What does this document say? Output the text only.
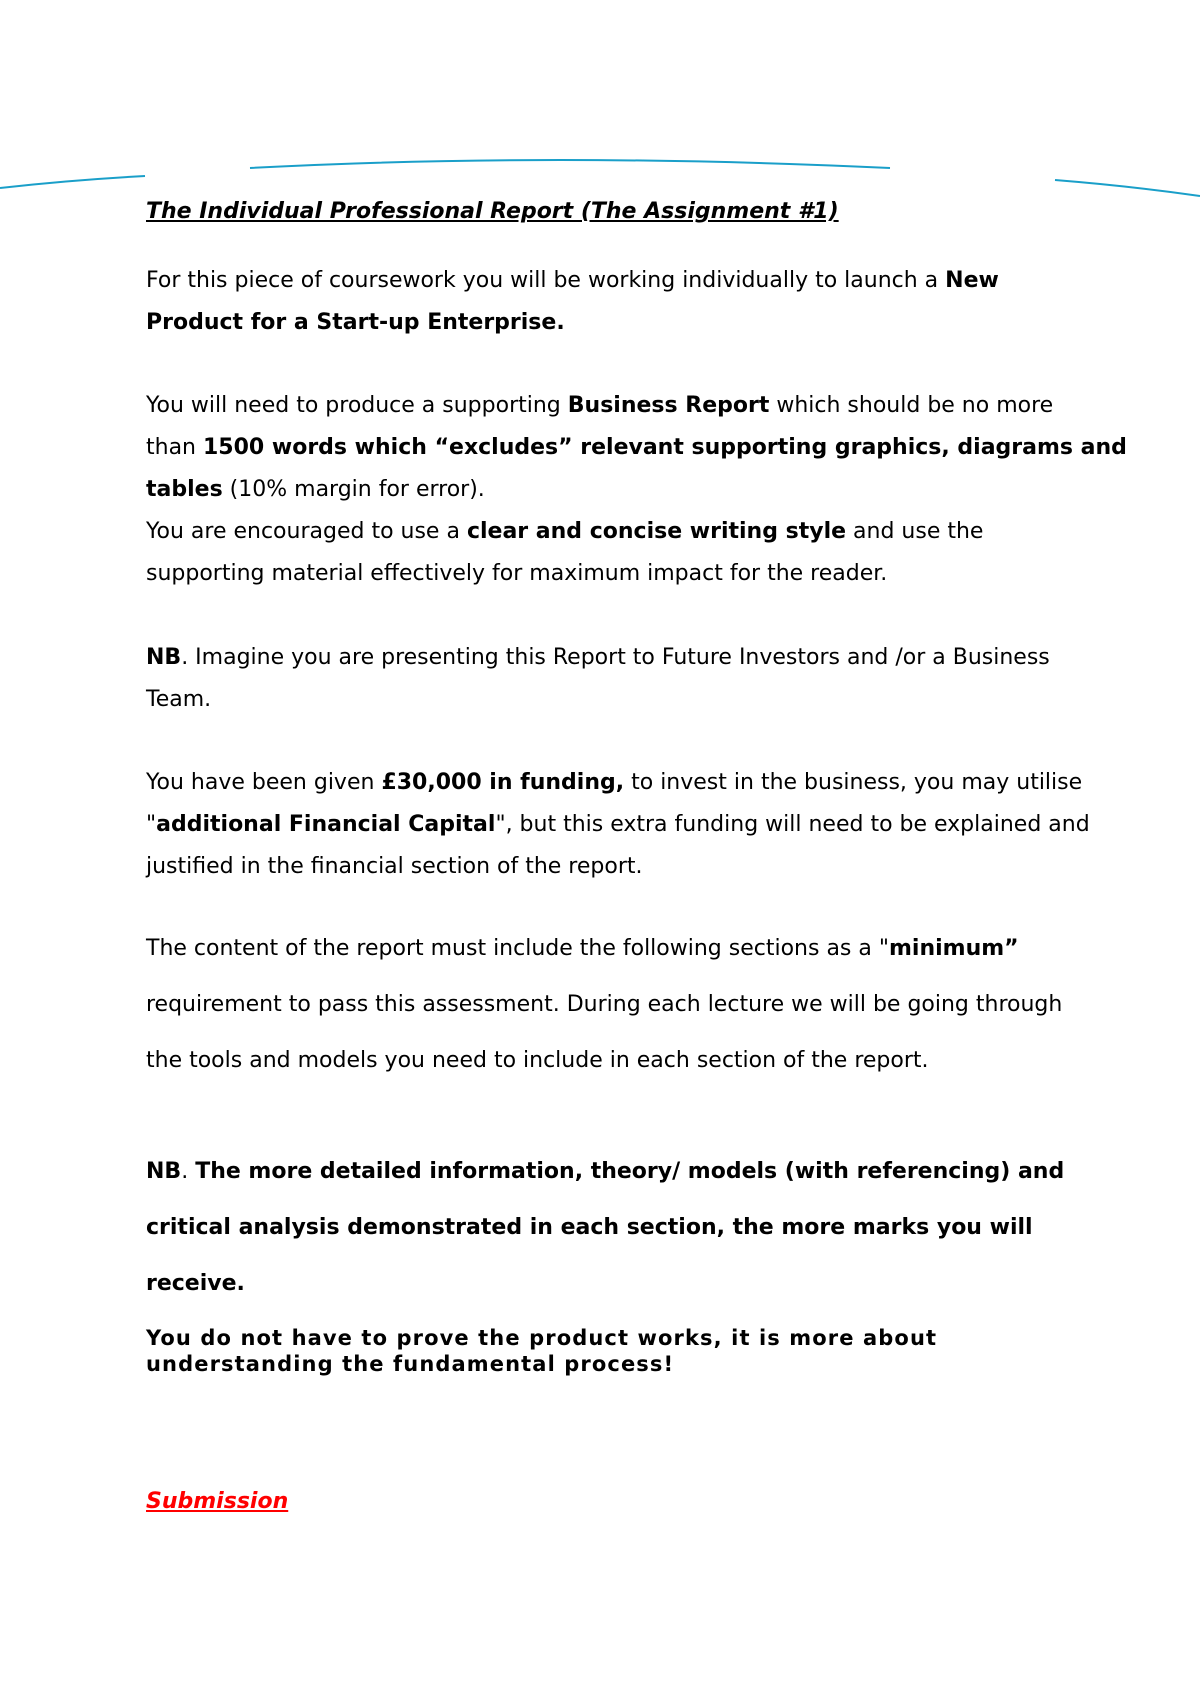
The Individual Professional Report (The Assignment #1)

For this piece of coursework you will be working individually to launch a New
Product for a Start-up Enterprise.

You will need to produce a supporting Business Report which should be no more
than 1500 words which “excludes” relevant supporting graphics, diagrams and
tables (10% margin for error).
You are encouraged to use a clear and concise writing style and use the
supporting material effectively for maximum impact for the reader.

NB. Imagine you are presenting this Report to Future Investors and /or a Business
Team.

You have been given £30,000 in funding, to invest in the business, you may utilise
"additional Financial Capital", but this extra funding will need to be explained and
justified in the financial section of the report.

The content of the report must include the following sections as a "minimum”
requirement to pass this assessment. During each lecture we will be going through
the tools and models you need to include in each section of the report.

NB. The more detailed information, theory/ models (with referencing) and
critical analysis demonstrated in each section, the more marks you will
receive.

You do not have to prove the product works, it is more about
understanding the fundamental process!

Submission
